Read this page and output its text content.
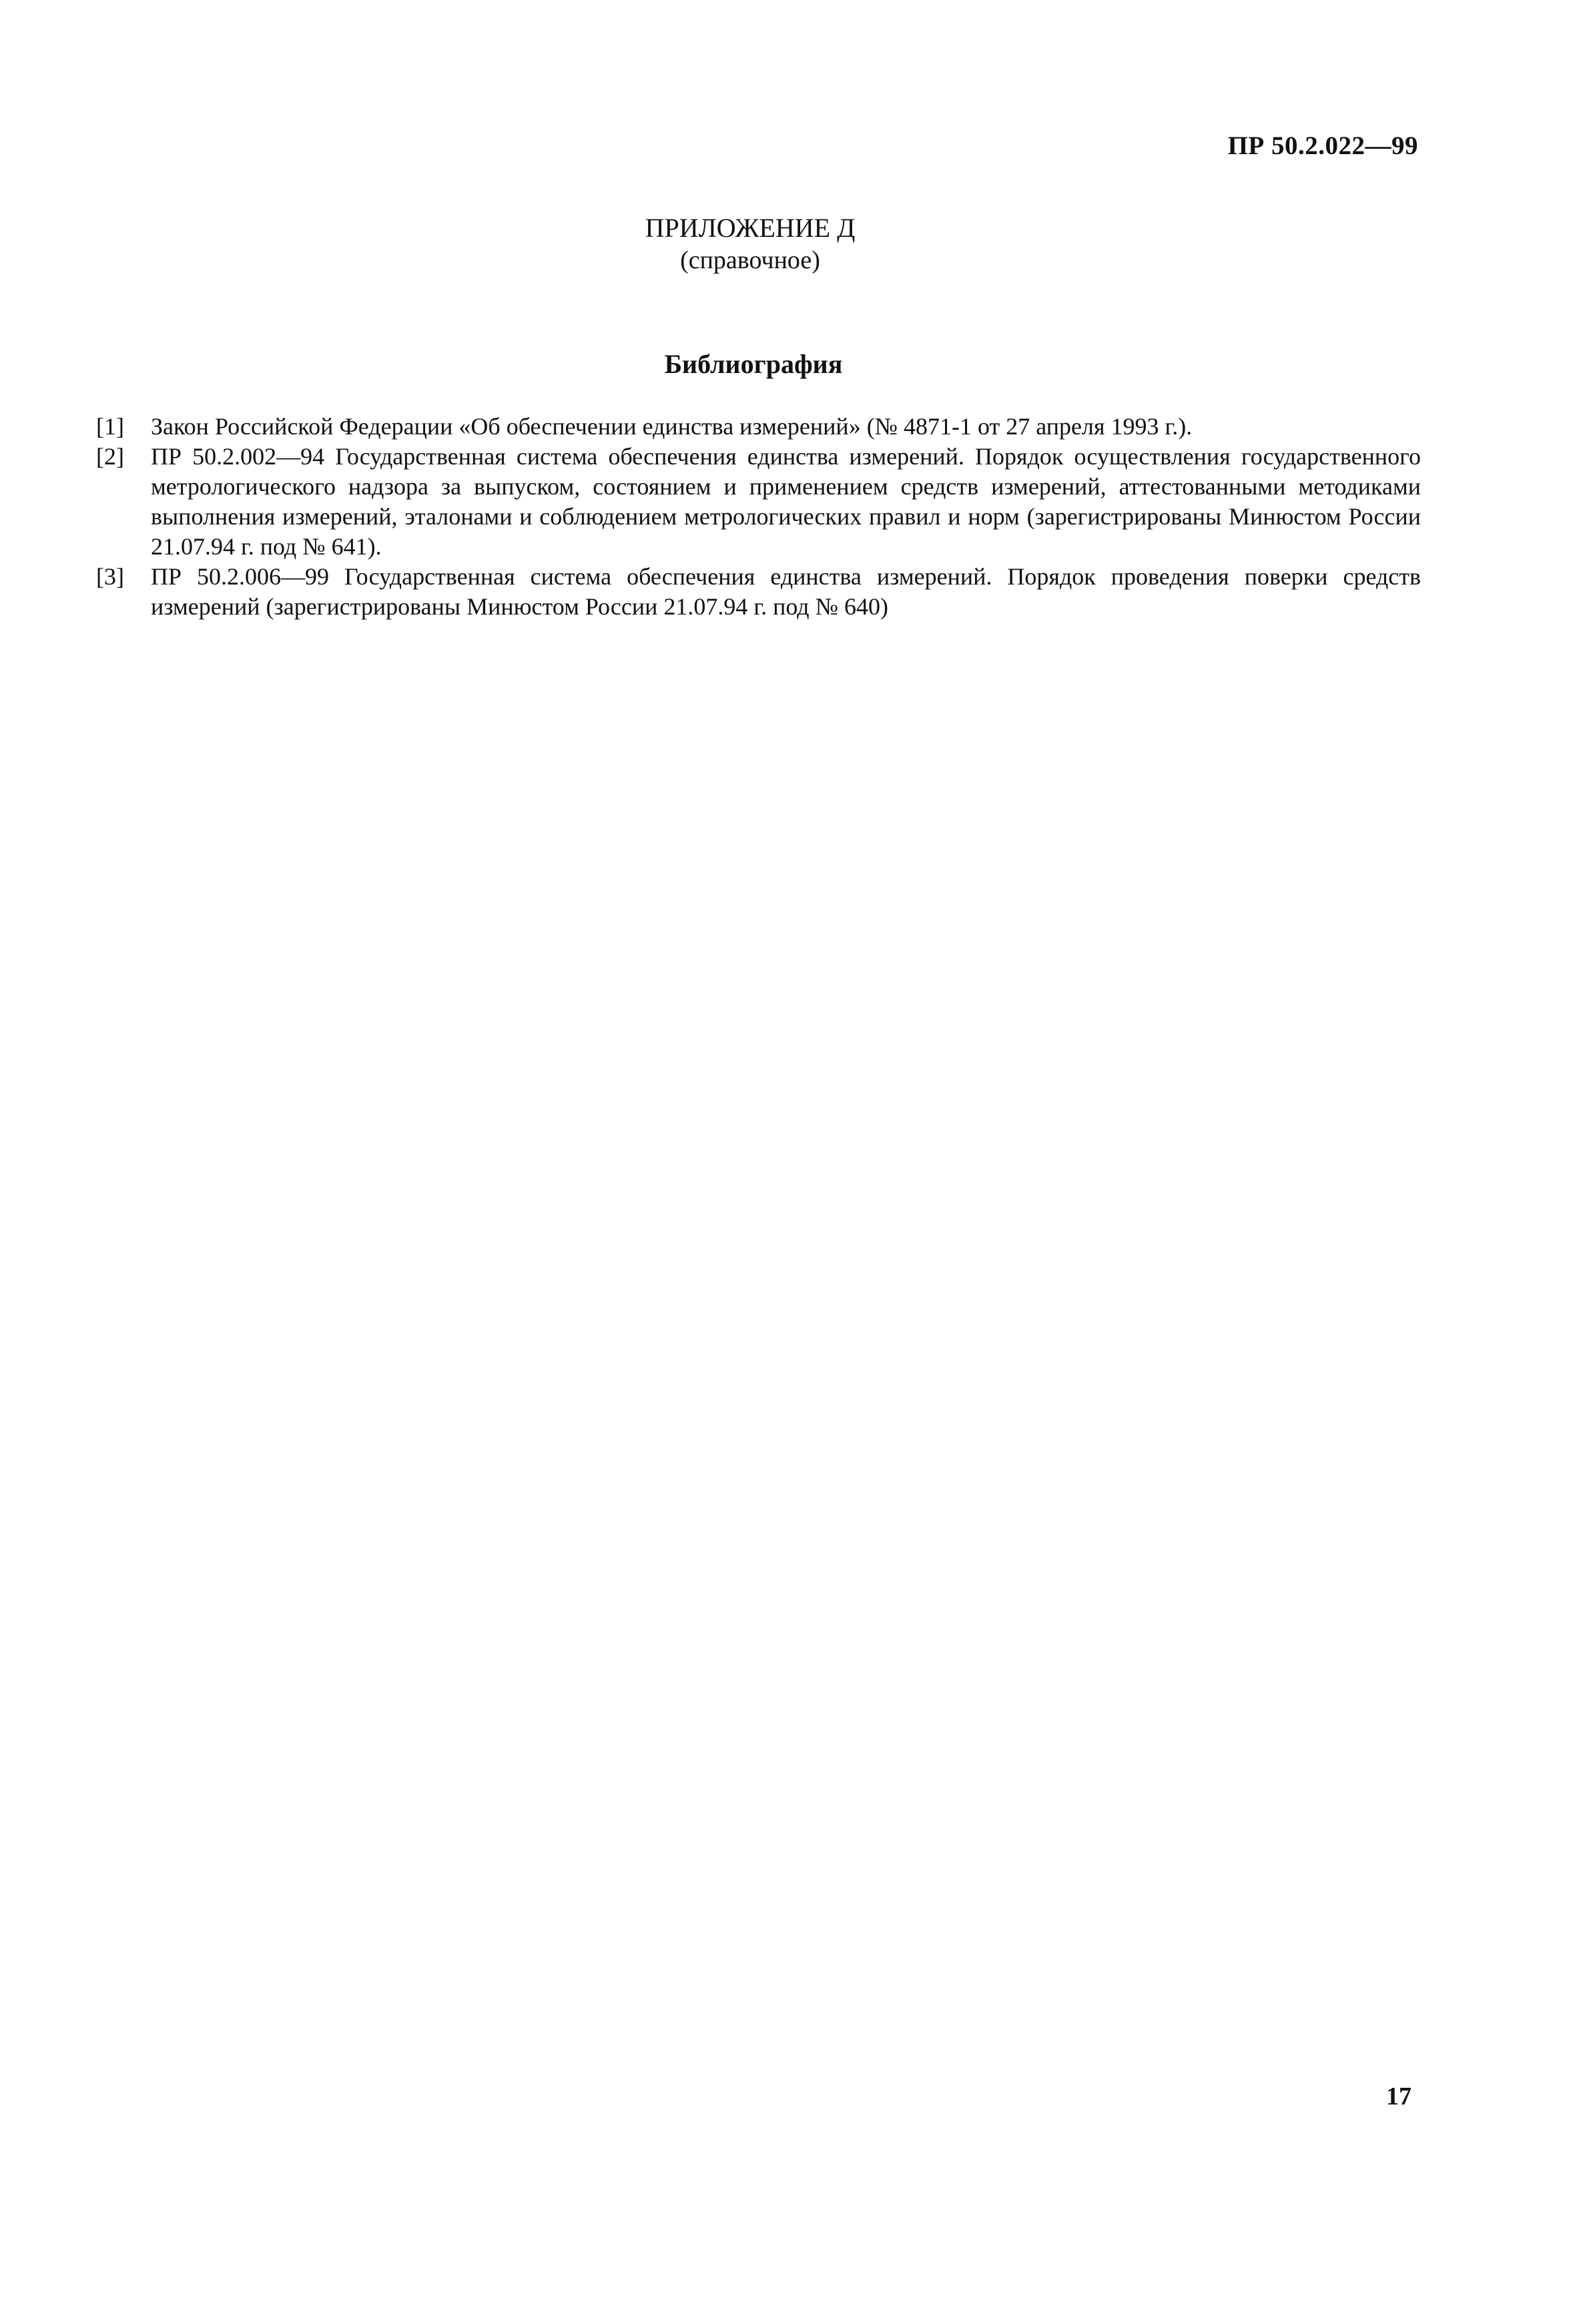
ПР 50.2.022—99
ПРИЛОЖЕНИЕ Д
(справочное)
Библиография
[1] Закон Российской Федерации «Об обеспечении единства измерений» (№ 4871-1 от 27 апреля 1993 г.).
[2] ПР 50.2.002—94 Государственная система обеспечения единства измерений. Порядок осуществления государственного метрологического надзора за выпуском, состоянием и применением средств измерений, аттестованными методиками выполнения измерений, эталонами и соблюдением метрологических правил и норм (зарегистрированы Минюстом России 21.07.94 г. под № 641).
[3] ПР 50.2.006—99 Государственная система обеспечения единства измерений. Порядок проведения поверки средств измерений (зарегистрированы Минюстом России 21.07.94 г. под № 640)
17
